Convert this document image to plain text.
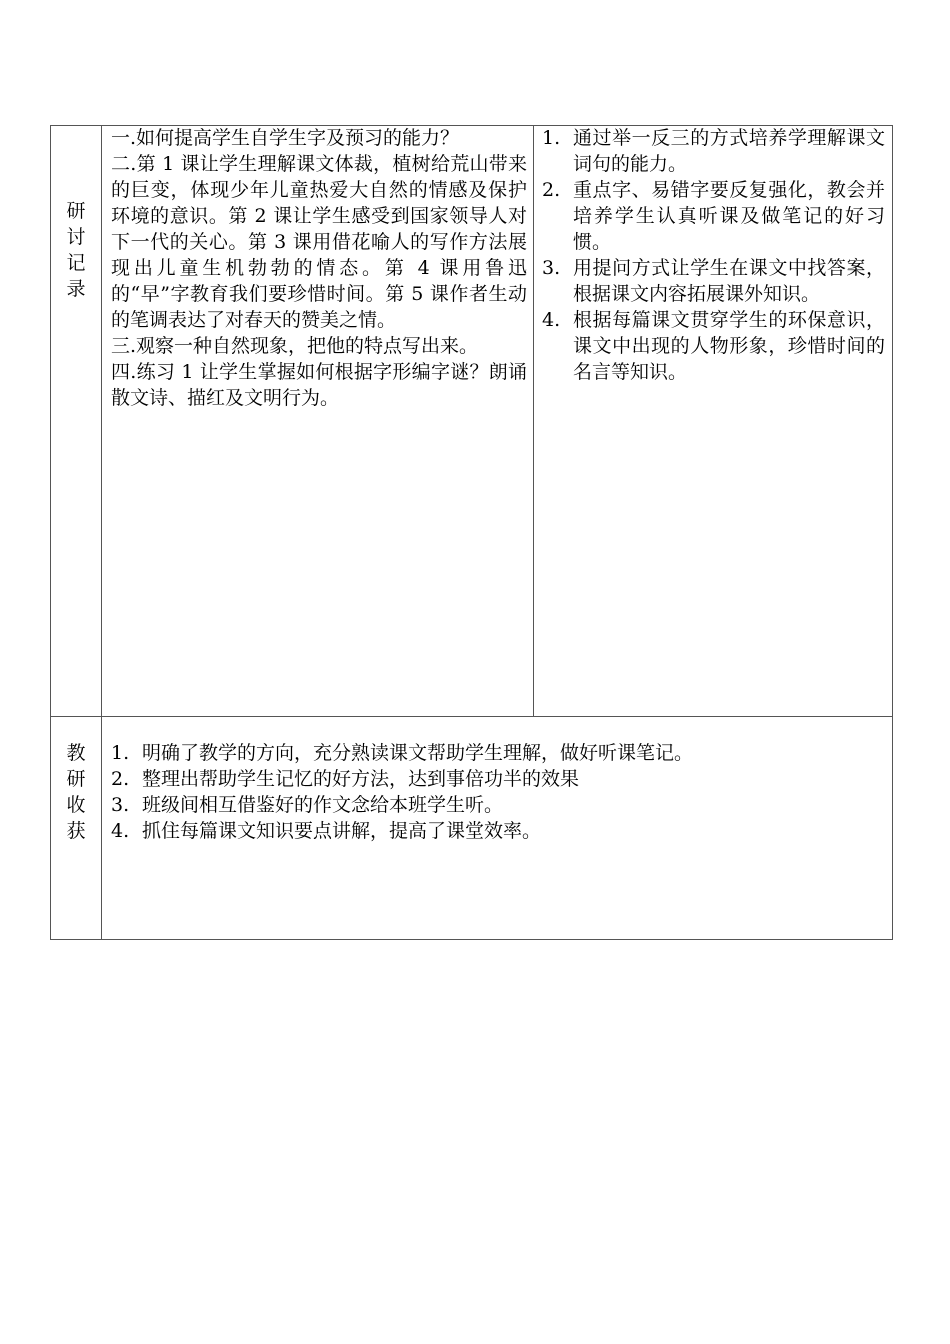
研
讨
记
录

一.如何提高学生自学生字及预习的能力？

二.第 1 课让学生理解课文体裁，植树给荒山带来的巨变，体现少年儿童热爱大自然的情感及保护环境的意识。第 2 课让学生感受到国家领导人对下一代的关心。第 3 课用借花喻人的写作方法展现出儿童生机勃勃的情态。第 4 课用鲁迅的“早”字教育我们要珍惜时间。第 5 课作者生动的笔调表达了对春天的赞美之情。

三.观察一种自然现象，把他的特点写出来。

四.练习 1 让学生掌握如何根据字形编字谜？朗诵散文诗、描红及文明行为。

1. 通过举一反三的方式培养学理解课文词句的能力。
2. 重点字、易错字要反复强化，教会并培养学生认真听课及做笔记的好习惯。
3. 用提问方式让学生在课文中找答案，根据课文内容拓展课外知识。
4. 根据每篇课文贯穿学生的环保意识，课文中出现的人物形象，珍惜时间的名言等知识。
教
研
收
获
1. 明确了教学的方向，充分熟读课文帮助学生理解，做好听课笔记。
2. 整理出帮助学生记忆的好方法，达到事倍功半的效果
3. 班级间相互借鉴好的作文念给本班学生听。
4. 抓住每篇课文知识要点讲解，提高了课堂效率。
